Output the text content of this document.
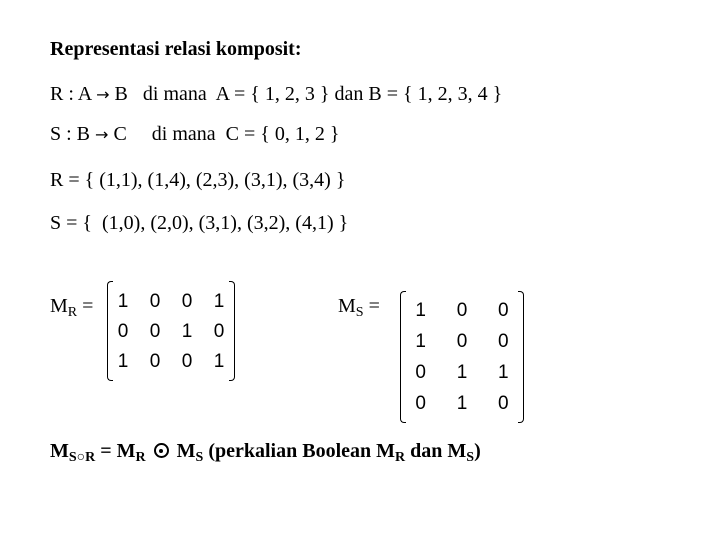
Representasi relasi komposit:
R : A → B di mana  A = { 1, 2, 3 } dan B = { 1, 2, 3, 4 }
S : B → C di mana  C = { 0, 1, 2 }
R = { (1,1), (1,4), (2,3), (3,1), (3,4) }
S = {  (1,0), (2,0), (3,1), (3,2), (4,1) }
$M_R = 1$	0	0	1
0	0	1	0
1	0	0	1
$M_S = 1$	0	0
1	0	0
0	1	1
0	1	0
$M_{S○R} = M_R$  $M_S$ (perkalian Boolean $M_R$ dan $M_S$)
